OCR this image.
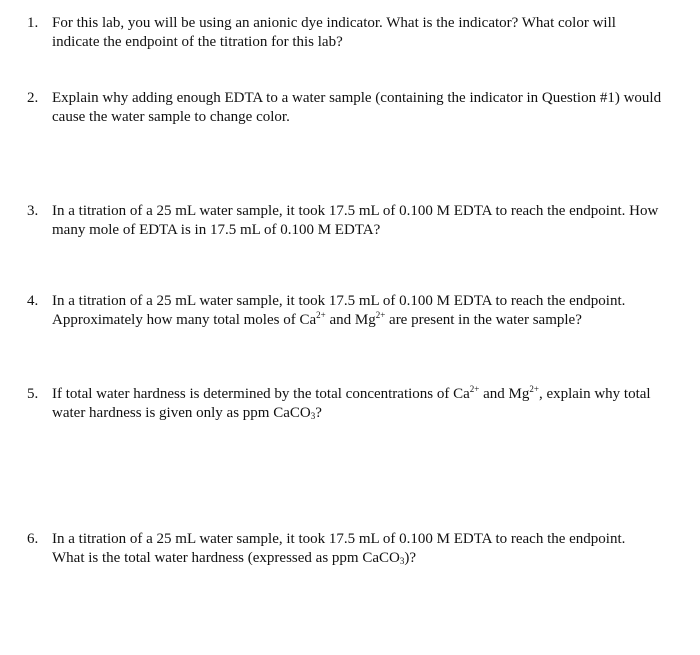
1. For this lab, you will be using an anionic dye indicator. What is the indicator? What color will
indicate the endpoint of the titration for this lab?
2. Explain why adding enough EDTA to a water sample (containing the indicator in Question #1) would
cause the water sample to change color.
3. In a titration of a 25 mL water sample, it took 17.5 mL of 0.100 M EDTA to reach the endpoint. How
many mole of EDTA is in 17.5 mL of 0.100 M EDTA?
4. In a titration of a 25 mL water sample, it took 17.5 mL of 0.100 M EDTA to reach the endpoint.
Approximately how many total moles of $Ca^{2+}$ and $Mg^{2+}$ are present in the water sample?
5. If total water hardness is determined by the total concentrations of $Ca^{2+}$ and $Mg^{2+}$, explain why total
water hardness is given only as ppm CaCO$_3$?
6. In a titration of a 25 mL water sample, it took 17.5 mL of 0.100 M EDTA to reach the endpoint.
What is the total water hardness (expressed as ppm CaCO$_3$)?
